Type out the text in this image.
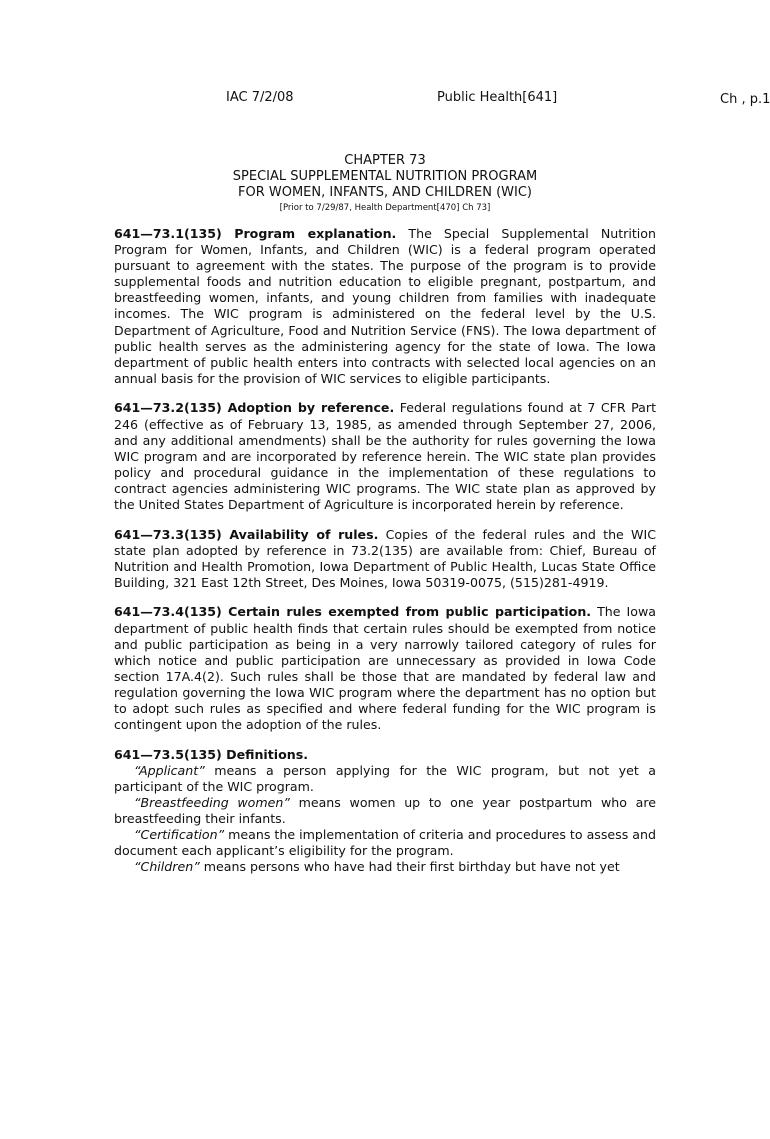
IAC 7/2/08	Public Health[641]	Ch , p.1
CHAPTER 73
SPECIAL SUPPLEMENTAL NUTRITION PROGRAM
FOR WOMEN, INFANTS, AND CHILDREN (WIC)
[Prior to 7/29/87, Health Department[470] Ch 73]

641—73.1(135) Program explanation. The Special Supplemental Nutrition Program for Women, Infants, and Children (WIC) is a federal program operated pursuant to agreement with the states. The purpose of the program is to provide supplemental foods and nutrition education to eligible pregnant, postpartum, and breastfeeding women, infants, and young children from families with inadequate incomes. The WIC program is administered on the federal level by the U.S. Department of Agriculture, Food and Nutrition Service (FNS). The Iowa department of public health serves as the administering agency for the state of Iowa. The Iowa department of public health enters into contracts with selected local agencies on an annual basis for the provision of WIC services to eligible participants.

641—73.2(135) Adoption by reference. Federal regulations found at 7 CFR Part 246 (effective as of February 13, 1985, as amended through September 27, 2006, and any additional amendments) shall be the authority for rules governing the Iowa WIC program and are incorporated by reference herein. The WIC state plan provides policy and procedural guidance in the implementation of these regulations to contract agencies administering WIC programs. The WIC state plan as approved by the United States Department of Agriculture is incorporated herein by reference.

641—73.3(135) Availability of rules. Copies of the federal rules and the WIC state plan adopted by reference in 73.2(135) are available from: Chief, Bureau of Nutrition and Health Promotion, Iowa Department of Public Health, Lucas State Office Building, 321 East 12th Street, Des Moines, Iowa 50319-0075, (515)281-4919.

641—73.4(135) Certain rules exempted from public participation. The Iowa department of public health finds that certain rules should be exempted from notice and public participation as being in a very narrowly tailored category of rules for which notice and public participation are unnecessary as provided in Iowa Code section 17A.4(2). Such rules shall be those that are mandated by federal law and regulation governing the Iowa WIC program where the department has no option but to adopt such rules as specified and where federal funding for the WIC program is contingent upon the adoption of the rules.

641—73.5(135) Definitions.

“Applicant” means a person applying for the WIC program, but not yet a participant of the WIC program.

“Breastfeeding women” means women up to one year postpartum who are breastfeeding their infants.

“Certification” means the implementation of criteria and procedures to assess and document each applicant’s eligibility for the program.

“Children” means persons who have had their first birthday but have not yet
